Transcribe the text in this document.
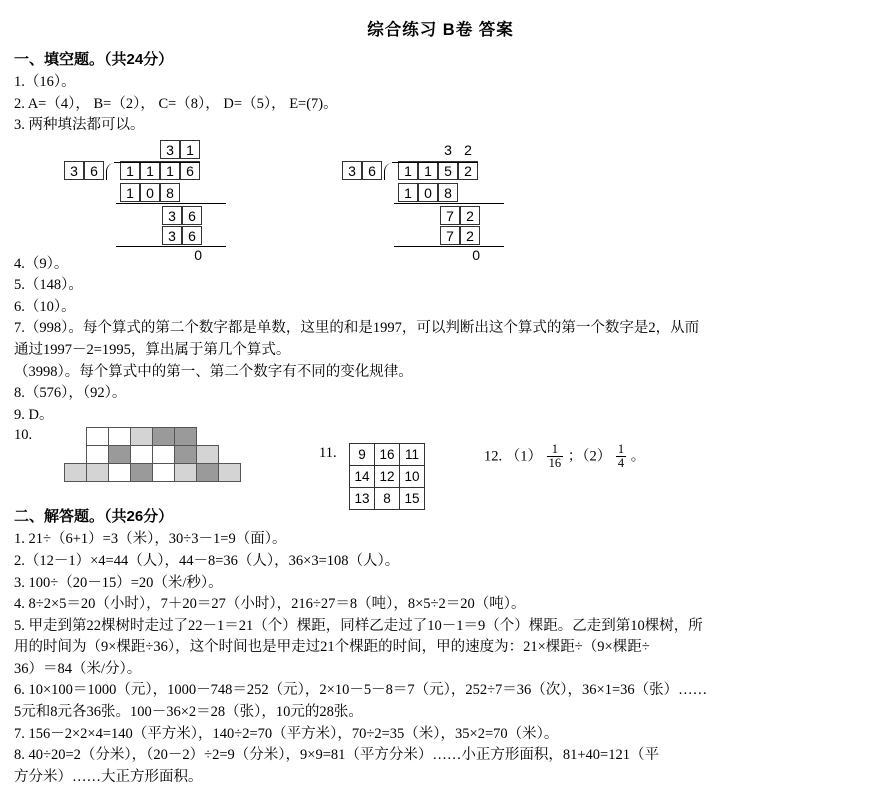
综合练习 B卷 答案
一、填空题。（共24分）
1.（16）。
2. A=（4）， B=（2）， C=（8）， D=（5）， E=(7)。
3. 两种填法都可以。
3 1
3 6	1 1 1 6
1 0 8
3 6
3 6
0
3 2
3 6	1 1 5 2
1 0 8
7 2
7 2
0
4.（9）。
5.（148）。
6.（10）。
7.（998）。每个算式的第二个数字都是单数，这里的和是1997，可以判断出这个算式的第一个数字是2，从而
通过1997－2=1995，算出属于第几个算式。
（3998）。每个算式中的第一、第二个数字有不同的变化规律。
8.（576），（92）。
9. D。
10.

11. 9	16	11
14	12	10
13	8	15
12. $(1) \frac{1}{16}$ ；$(2) \frac{1}{4}$ 。
二、解答题。（共26分）
1. 21÷（6+1）=3（米），30÷3－1=9（面）。
2.（12－1）×4=44（人），44－8=36（人），36×3=108（人）。
3. 100÷（20－15）=20（米/秒）。
4. 8÷2×5＝20（小时），7＋20＝27（小时），216÷27＝8（吨），8×5÷2＝20（吨）。
5. 甲走到第22棵树时走过了22－1＝21（个）棵距，同样乙走过了10－1＝9（个）棵距。乙走到第10棵树，所
用的时间为（9×棵距÷36），这个时间也是甲走过21个棵距的时间，甲的速度为：21×棵距÷（9×棵距÷
36）＝84（米/分）。
6. 10×100＝1000（元），1000－748＝252（元），2×10－5－8＝7（元），252÷7＝36（次），36×1=36（张）……
5元和8元各36张。100－36×2＝28（张），10元的28张。
7. 156－2×2×4=140（平方米），140÷2=70（平方米），70÷2=35（米），35×2=70（米）。
8. 40÷20=2（分米），（20－2）÷2=9（分米），9×9=81（平方分米）……小正方形面积，81+40=121（平
方分米）……大正方形面积。
